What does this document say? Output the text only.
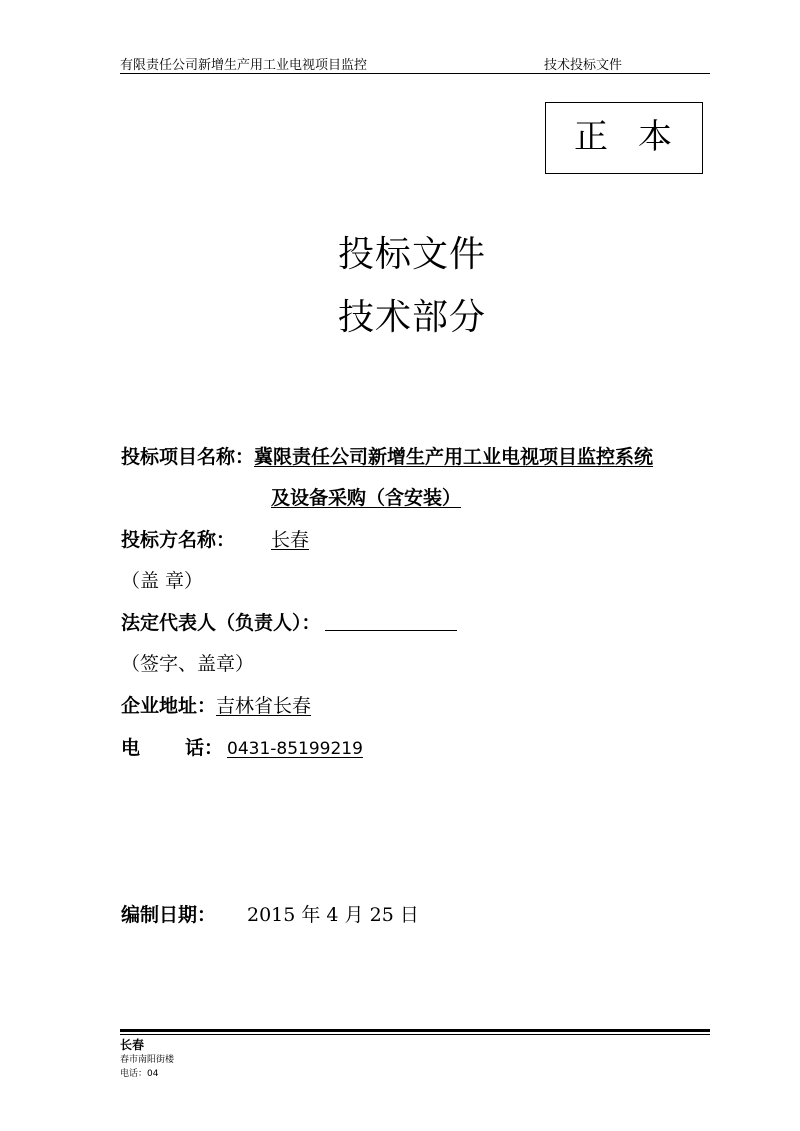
有限责任公司新增生产用工业电视项目监控	技术投标文件
正本
投标文件
技术部分
投标项目名称：冀限责任公司新增生产用工业电视项目监控系统
及设备采购（含安装）
投标方名称： 长春
（盖 章）
法定代表人（负责人）：
（签字、盖章）
企业地址：吉林省长春
电 话： 0431-85199219
编制日期： 2015 年 4 月 25 日
长春
春市南阳街楼
电话：04
